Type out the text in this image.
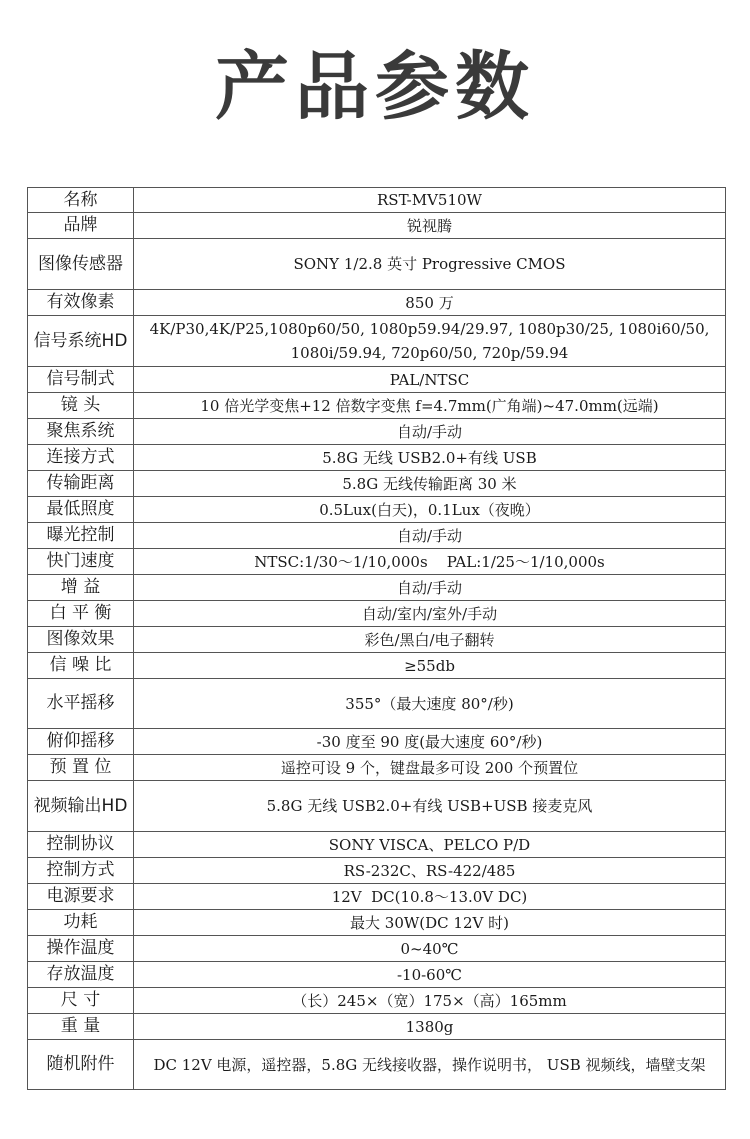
产品参数
名称	RST-MV510W
品牌	锐视腾
图像传感器	SONY 1/2.8 英寸 Progressive CMOS
有效像素	850 万
信号系统HD	4K/P30,4K/P25,1080p60/50, 1080p59.94/29.97, 1080p30/25, 1080i60/50, 1080i/59.94, 720p60/50, 720p/59.94
信号制式	PAL/NTSC
镜 头	10 倍光学变焦+12 倍数字变焦 f=4.7mm(广角端)~47.0mm(远端)
聚焦系统	自动/手动
连接方式	5.8G 无线 USB2.0+有线 USB
传输距离	5.8G 无线传输距离 30 米
最低照度	0.5Lux(白天)，0.1Lux（夜晚）
曝光控制	自动/手动
快门速度	NTSC:1/30～1/10,000s    PAL:1/25～1/10,000s
增 益	自动/手动
白 平 衡	自动/室内/室外/手动
图像效果	彩色/黑白/电子翻转
信 噪 比	≥55db
水平摇移	355°（最大速度 80°/秒)
俯仰摇移	-30 度至 90 度(最大速度 60°/秒)
预 置 位	遥控可设 9 个，键盘最多可设 200 个预置位
视频输出HD	5.8G 无线 USB2.0+有线 USB+USB 接麦克风
控制协议	SONY VISCA、PELCO P/D
控制方式	RS-232C、RS-422/485
电源要求	12V  DC(10.8～13.0V DC)
功耗	最大 30W(DC 12V 时)
操作温度	0~40℃
存放温度	-10-60℃
尺 寸	（长）245×（宽）175×（高）165mm
重 量	1380g
随机附件	DC 12V 电源，遥控器，5.8G 无线接收器，操作说明书， USB 视频线，墙壁支架
